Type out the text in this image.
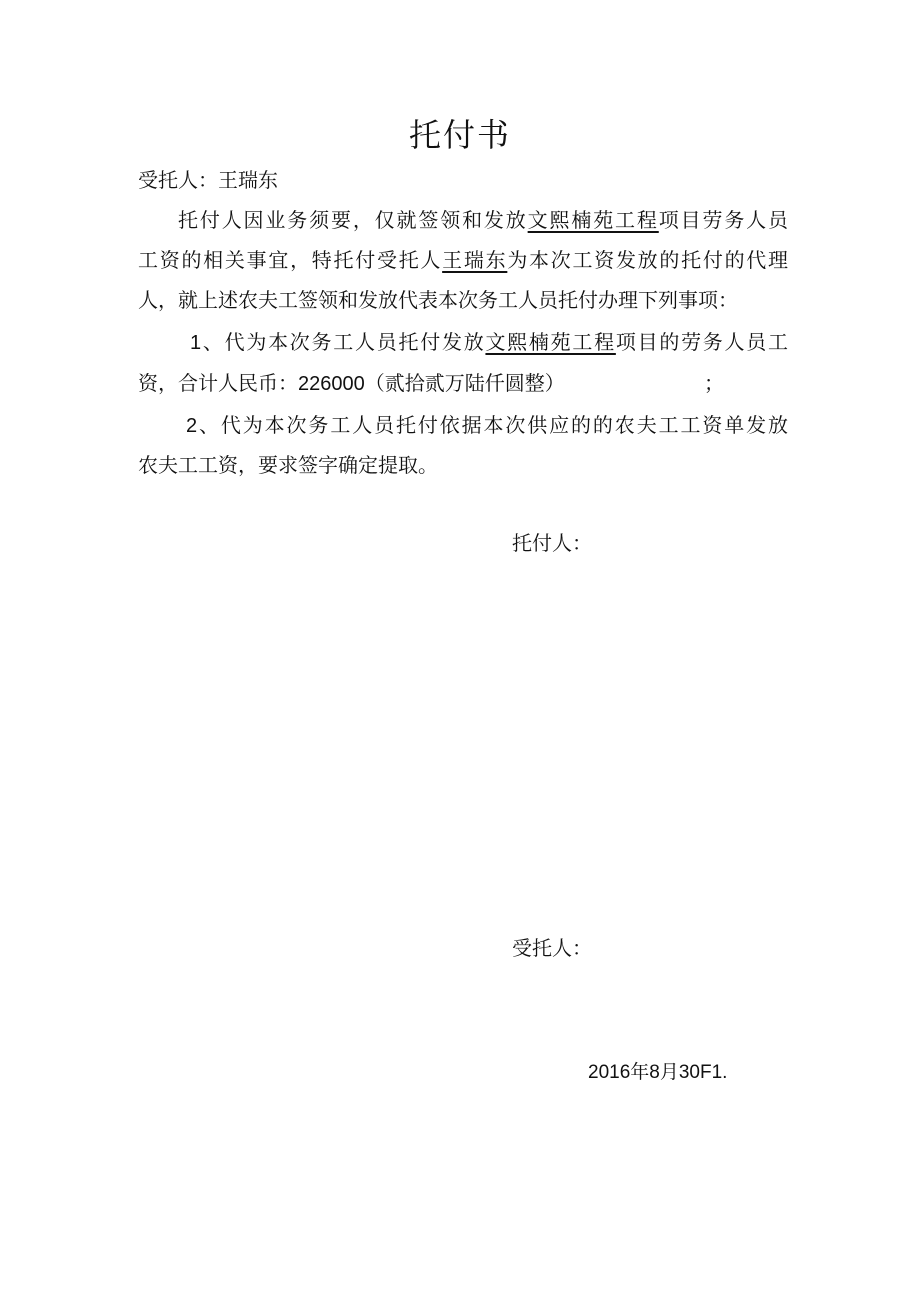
托付书
受托人：王瑞东
托付人因业务须要，仅就签领和发放文熙楠苑工程项目劳务人员
工资的相关事宜，特托付受托人王瑞东为本次工资发放的托付的代理
人，就上述农夫工签领和发放代表本次务工人员托付办理下列事项：
1、代为本次务工人员托付发放文熙楠苑工程项目的劳务人员工
资，合计人民币：226000（贰拾贰万陆仟圆整）	；
2、代为本次务工人员托付依据本次供应的的农夫工工资单发放
农夫工工资，要求签字确定提取。
托付人：
受托人：
2016年8月30F1.
